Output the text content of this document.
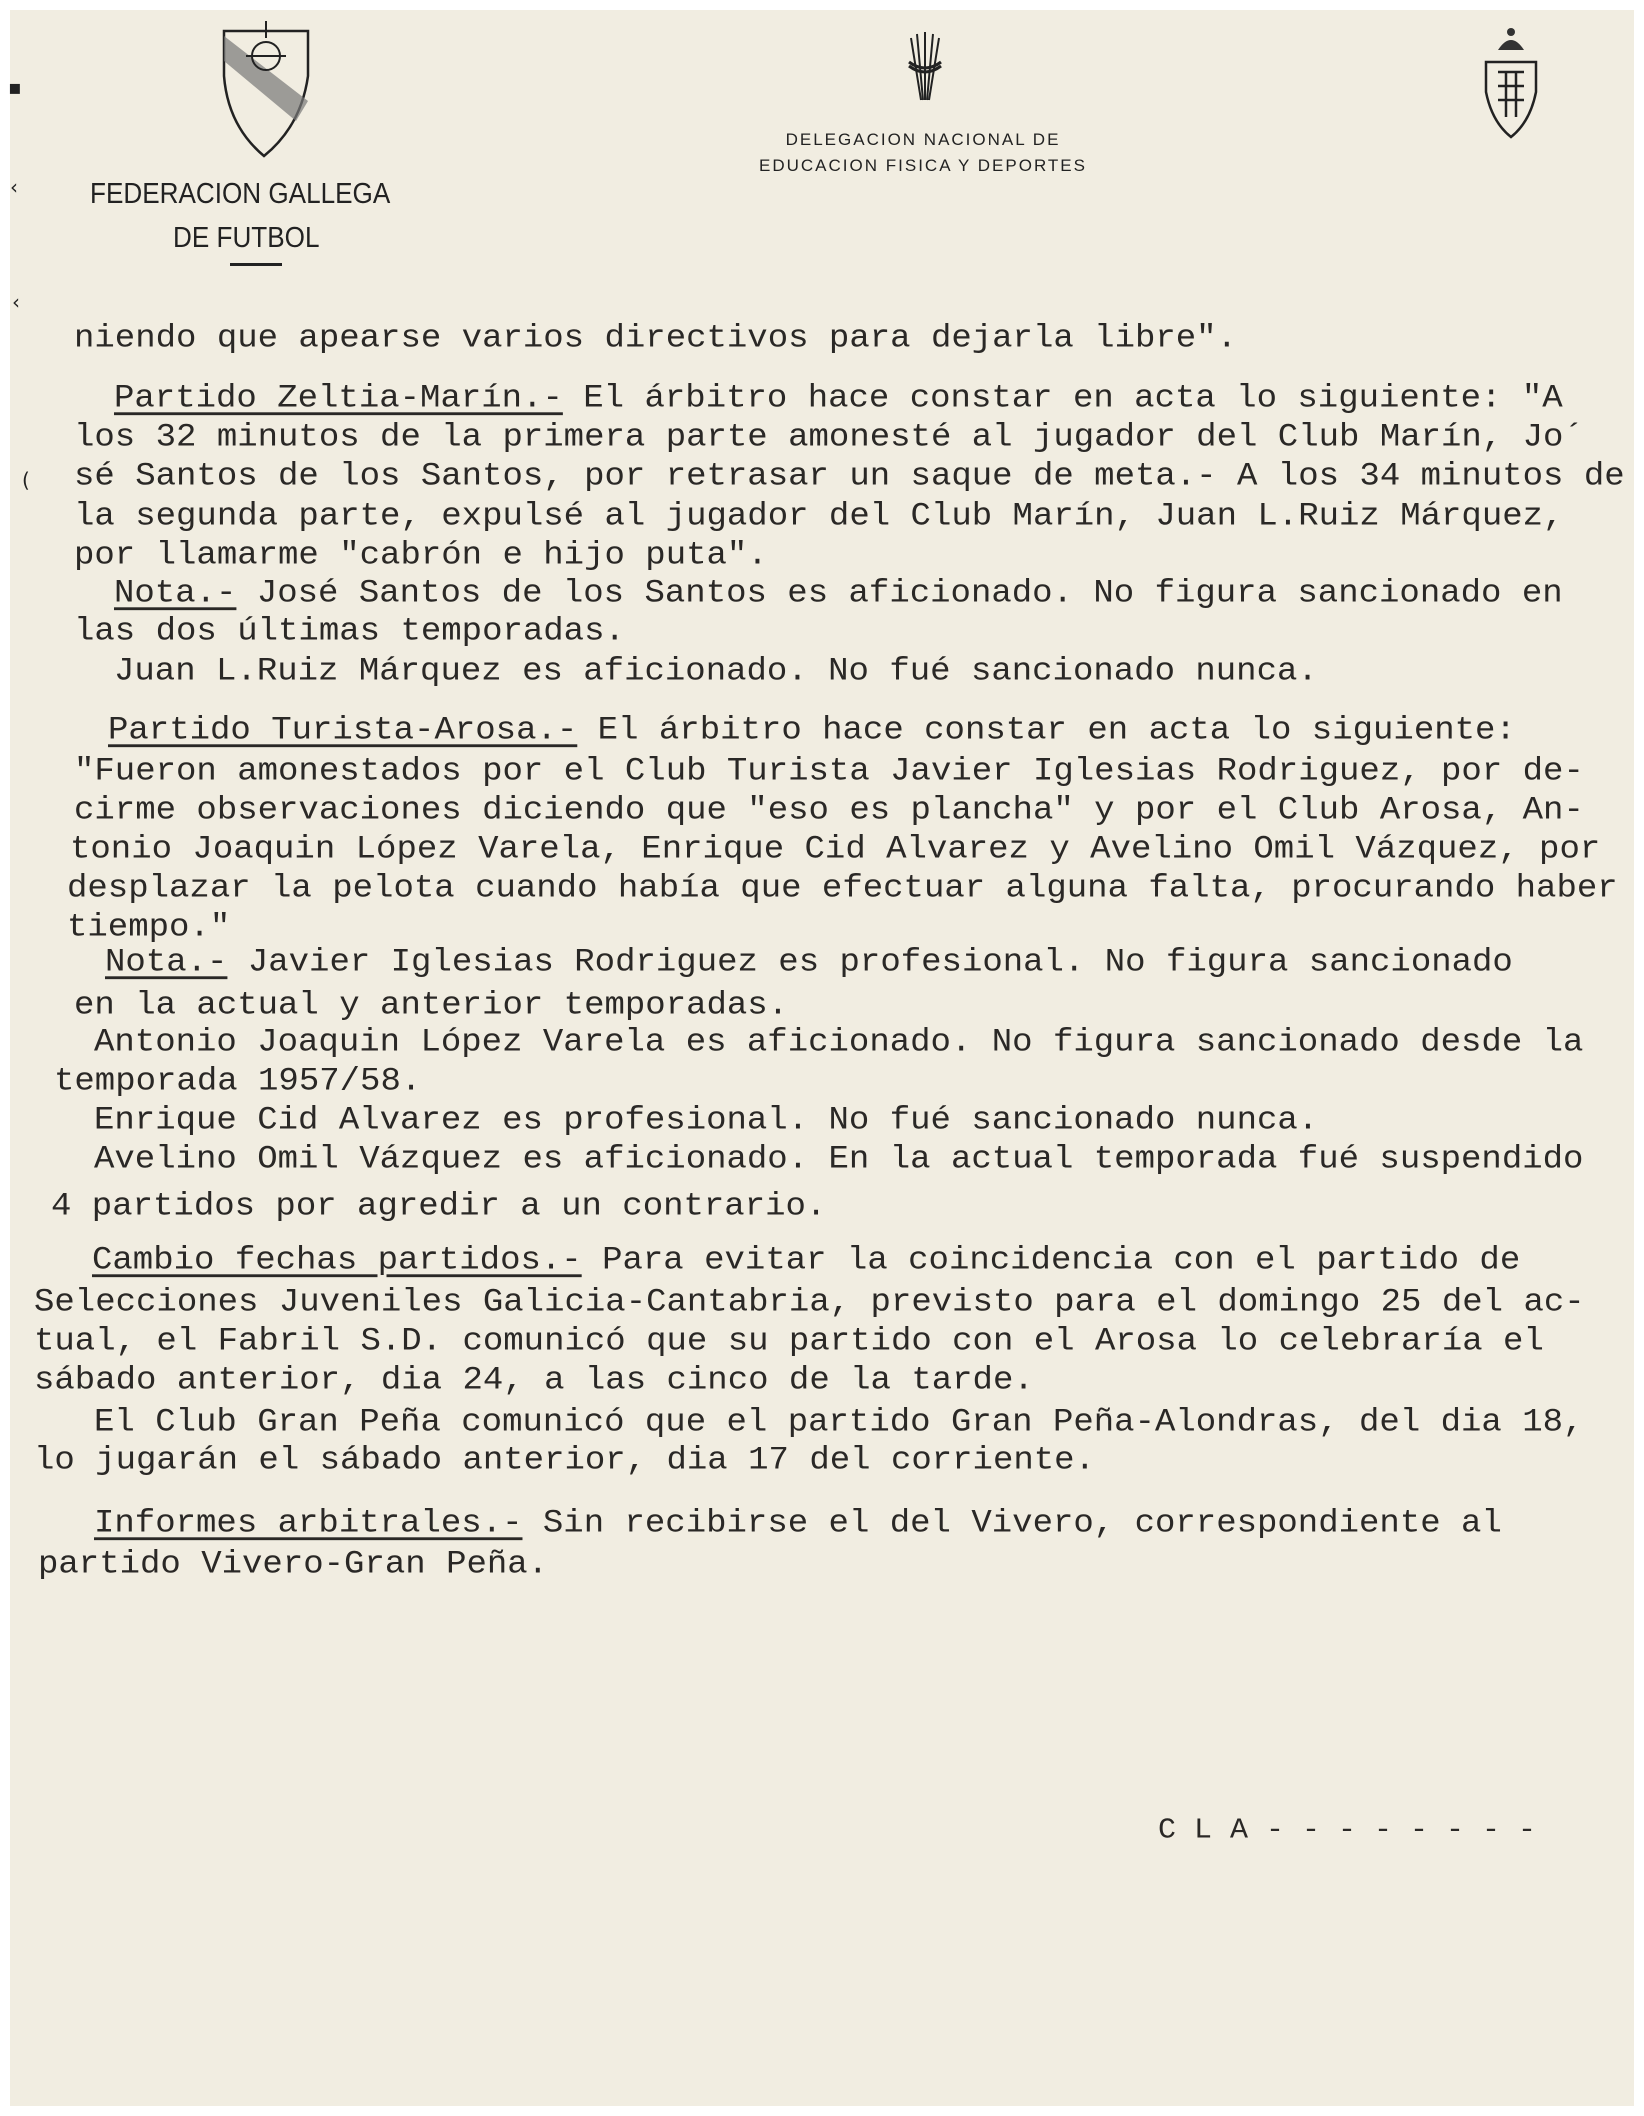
FEDERACION GALLEGA
DE FUTBOL
DELEGACION NACIONAL DE
EDUCACION FISICA Y DEPORTES
▪
‹
‹
(
niendo que apearse varios directivos para dejarla libre".
Partido Zeltia-Marín.- El árbitro hace constar en acta lo siguiente: "A
los 32 minutos de la primera parte amonesté al jugador del Club Marín, Jo´
sé Santos de los Santos, por retrasar un saque de meta.- A los 34 minutos de
la segunda parte, expulsé al jugador del Club Marín, Juan L.Ruiz Márquez,
por llamarme "cabrón e hijo puta".
Nota.- José Santos de los Santos es aficionado. No figura sancionado en
las dos últimas temporadas.
Juan L.Ruiz Márquez es aficionado. No fué sancionado nunca.
Partido Turista-Arosa.- El árbitro hace constar en acta lo siguiente:
"Fueron amonestados por el Club Turista Javier Iglesias Rodriguez, por de-
cirme observaciones diciendo que "eso es plancha" y por el Club Arosa, An-
tonio Joaquin López Varela, Enrique Cid Alvarez y Avelino Omil Vázquez, por
desplazar la pelota cuando había que efectuar alguna falta, procurando haber
tiempo."
Nota.- Javier Iglesias Rodriguez es profesional. No figura sancionado
en la actual y anterior temporadas.
Antonio Joaquin López Varela es aficionado. No figura sancionado desde la
temporada 1957/58.
Enrique Cid Alvarez es profesional. No fué sancionado nunca.
Avelino Omil Vázquez es aficionado. En la actual temporada fué suspendido
4 partidos por agredir a un contrario.
Cambio fechas partidos.- Para evitar la coincidencia con el partido de
Selecciones Juveniles Galicia-Cantabria, previsto para el domingo 25 del ac-
tual, el Fabril S.D. comunicó que su partido con el Arosa lo celebraría el
sábado anterior, dia 24, a las cinco de la tarde.
El Club Gran Peña comunicó que el partido Gran Peña-Alondras, del dia 18,
lo jugarán el sábado anterior, dia 17 del corriente.
Informes arbitrales.- Sin recibirse el del Vivero, correspondiente al
partido Vivero-Gran Peña.
C L A - - - - - - - -
